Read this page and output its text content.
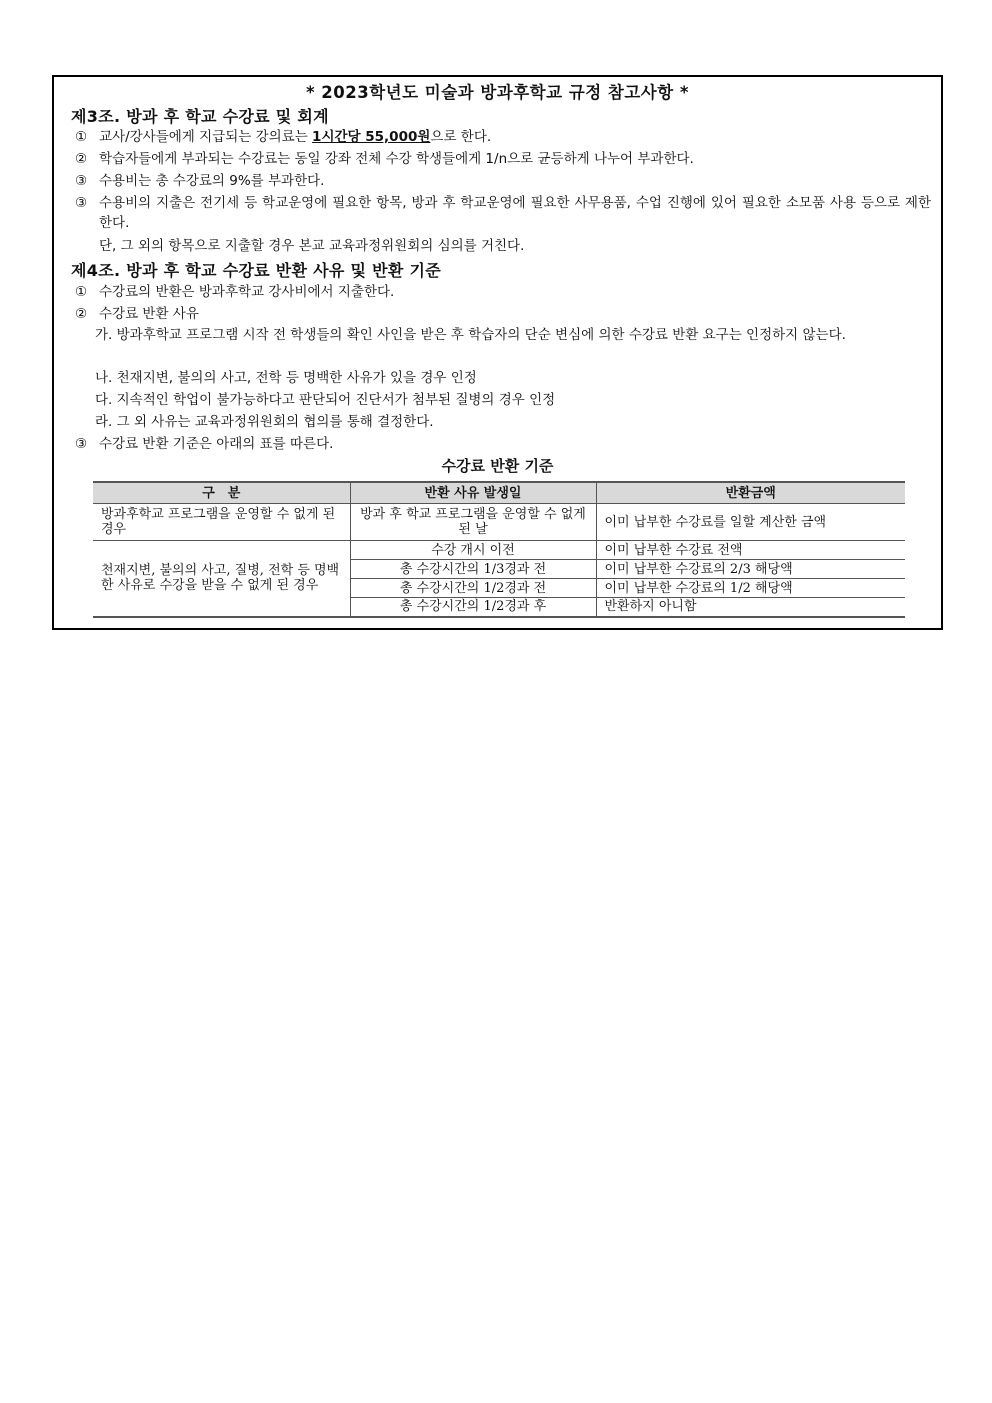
* 2023학년도 미술과 방과후학교 규정 참고사항 *
제3조. 방과 후 학교 수강료 및 회계
① 교사/강사들에게 지급되는 강의료는 1시간당 55,000원으로 한다.
② 학습자들에게 부과되는 수강료는 동일 강좌 전체 수강 학생들에게 1/n으로 균등하게 나누어 부과한다.
③ 수용비는 총 수강료의 9%를 부과한다.
③ 수용비의 지출은 전기세 등 학교운영에 필요한 항목, 방과 후 학교운영에 필요한 사무용품, 수업 진행에 있어 필요한 소모품 사용 등으로 제한한다.
단, 그 외의 항목으로 지출할 경우 본교 교육과정위원회의 심의를 거친다.
제4조. 방과 후 학교 수강료 반환 사유 및 반환 기준
① 수강료의 반환은 방과후학교 강사비에서 지출한다.
② 수강료 반환 사유
가. 방과후학교 프로그램 시작 전 학생들의 확인 사인을 받은 후 학습자의 단순 변심에 의한 수강료 반환 요구는 인정하지 않는다.
나. 천재지변, 불의의 사고, 전학 등 명백한 사유가 있을 경우 인정
다. 지속적인 학업이 불가능하다고 판단되어 진단서가 첨부된 질병의 경우 인정
라. 그 외 사유는 교육과정위원회의 협의를 통해 결정한다.
③ 수강료 반환 기준은 아래의 표를 따른다.
수강료 반환 기준
구　분	반환 사유 발생일	반환금액
방과후학교 프로그램을 운영할 수 없게 된 경우	방과 후 학교 프로그램을 운영할 수 없게 된 날	이미 납부한 수강료를 일할 계산한 금액
천재지변, 불의의 사고, 질병, 전학 등 명백한 사유로 수강을 받을 수 없게 된 경우	수강 개시 이전	이미 납부한 수강료 전액
	총 수강시간의 1/3경과 전	이미 납부한 수강료의 2/3 해당액
	총 수강시간의 1/2경과 전	이미 납부한 수강료의 1/2 해당액
	총 수강시간의 1/2경과 후	반환하지 아니함
